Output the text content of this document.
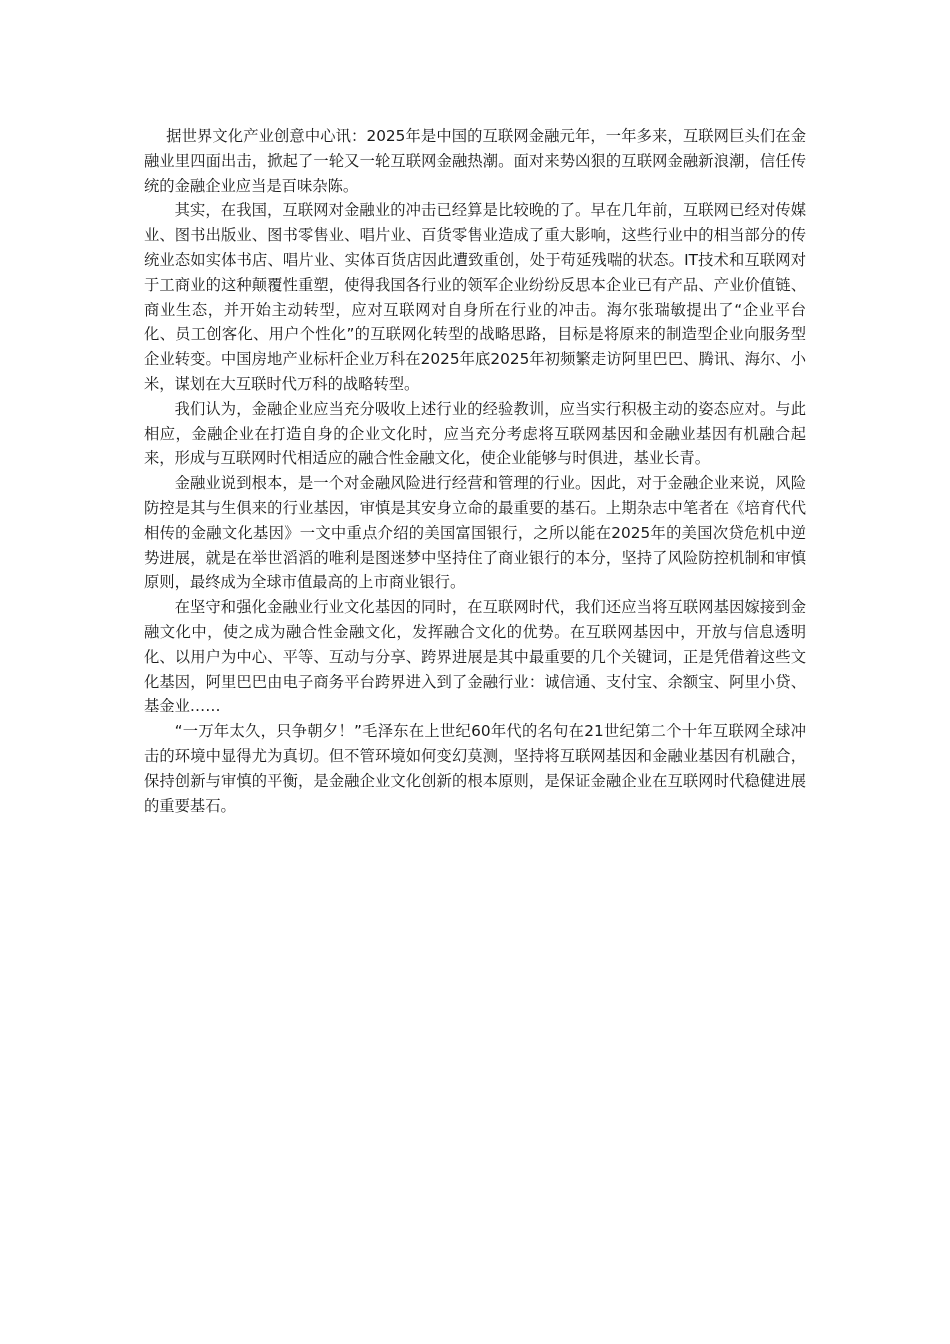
据世界文化产业创意中心讯：2025年是中国的互联网金融元年，一年多来，互联网巨头们在金融业里四面出击，掀起了一轮又一轮互联网金融热潮。面对来势凶狠的互联网金融新浪潮，信任传统的金融企业应当是百味杂陈。

其实，在我国，互联网对金融业的冲击已经算是比较晚的了。早在几年前，互联网已经对传媒业、图书出版业、图书零售业、唱片业、百货零售业造成了重大影响，这些行业中的相当部分的传统业态如实体书店、唱片业、实体百货店因此遭致重创，处于苟延残喘的状态。IT技术和互联网对于工商业的这种颠覆性重塑，使得我国各行业的领军企业纷纷反思本企业已有产品、产业价值链、商业生态，并开始主动转型，应对互联网对自身所在行业的冲击。海尔张瑞敏提出了“企业平台化、员工创客化、用户个性化”的互联网化转型的战略思路，目标是将原来的制造型企业向服务型企业转变。中国房地产业标杆企业万科在2025年底2025年初频繁走访阿里巴巴、腾讯、海尔、小米，谋划在大互联时代万科的战略转型。

我们认为，金融企业应当充分吸收上述行业的经验教训，应当实行积极主动的姿态应对。与此相应，金融企业在打造自身的企业文化时，应当充分考虑将互联网基因和金融业基因有机融合起来，形成与互联网时代相适应的融合性金融文化，使企业能够与时俱进，基业长青。

金融业说到根本，是一个对金融风险进行经营和管理的行业。因此，对于金融企业来说，风险防控是其与生俱来的行业基因，审慎是其安身立命的最重要的基石。上期杂志中笔者在《培育代代相传的金融文化基因》一文中重点介绍的美国富国银行，之所以能在2025年的美国次贷危机中逆势进展，就是在举世滔滔的唯利是图迷梦中坚持住了商业银行的本分，坚持了风险防控机制和审慎原则，最终成为全球市值最高的上市商业银行。

在坚守和强化金融业行业文化基因的同时，在互联网时代，我们还应当将互联网基因嫁接到金融文化中，使之成为融合性金融文化，发挥融合文化的优势。在互联网基因中，开放与信息透明化、以用户为中心、平等、互动与分享、跨界进展是其中最重要的几个关键词，正是凭借着这些文化基因，阿里巴巴由电子商务平台跨界进入到了金融行业：诚信通、支付宝、余额宝、阿里小贷、基金业……

“一万年太久，只争朝夕！”毛泽东在上世纪60年代的名句在21世纪第二个十年互联网全球冲击的环境中显得尤为真切。但不管环境如何变幻莫测，坚持将互联网基因和金融业基因有机融合，保持创新与审慎的平衡，是金融企业文化创新的根本原则，是保证金融企业在互联网时代稳健进展的重要基石。
